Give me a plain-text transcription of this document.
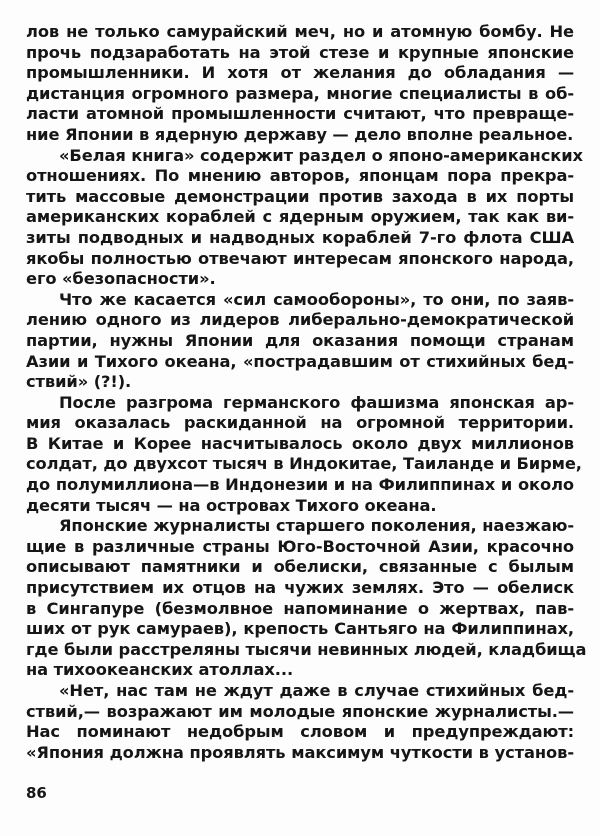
лов не только самурайский меч, но и атомную бомбу. Не
прочь подзаработать на этой стезе и крупные японские
промышленники. И хотя от желания до обладания —
дистанция огромного размера, многие специалисты в об-
ласти атомной промышленности считают, что превраще-
ние Японии в ядерную державу — дело вполне реальное.
«Белая книга» содержит раздел о японо-американских
отношениях. По мнению авторов, японцам пора прекра-
тить массовые демонстрации против захода в их порты
американских кораблей с ядерным оружием, так как ви-
зиты подводных и надводных кораблей 7-го флота США
якобы полностью отвечают интересам японского народа,
его «безопасности».
Что же касается «сил самообороны», то они, по заяв-
лению одного из лидеров либерально-демократической
партии, нужны Японии для оказания помощи странам
Азии и Тихого океана, «пострадавшим от стихийных бед-
ствий» (?!).
После разгрома германского фашизма японская ар-
мия оказалась раскиданной на огромной территории.
В Китае и Корее насчитывалось около двух миллионов
солдат, до двухсот тысяч в Индокитае, Таиланде и Бирме,
до полумиллиона—в Индонезии и на Филиппинах и около
десяти тысяч — на островах Тихого океана.
Японские журналисты старшего поколения, наезжаю-
щие в различные страны Юго-Восточной Азии, красочно
описывают памятники и обелиски, связанные с былым
присутствием их отцов на чужих землях. Это — обелиск
в Сингапуре (безмолвное напоминание о жертвах, пав-
ших от рук самураев), крепость Сантьяго на Филиппинах,
где были расстреляны тысячи невинных людей, кладбища
на тихоокеанских атоллах...
«Нет, нас там не ждут даже в случае стихийных бед-
ствий,— возражают им молодые японские журналисты.—
Нас поминают недобрым словом и предупреждают:
«Япония должна проявлять максимум чуткости в установ-
86
